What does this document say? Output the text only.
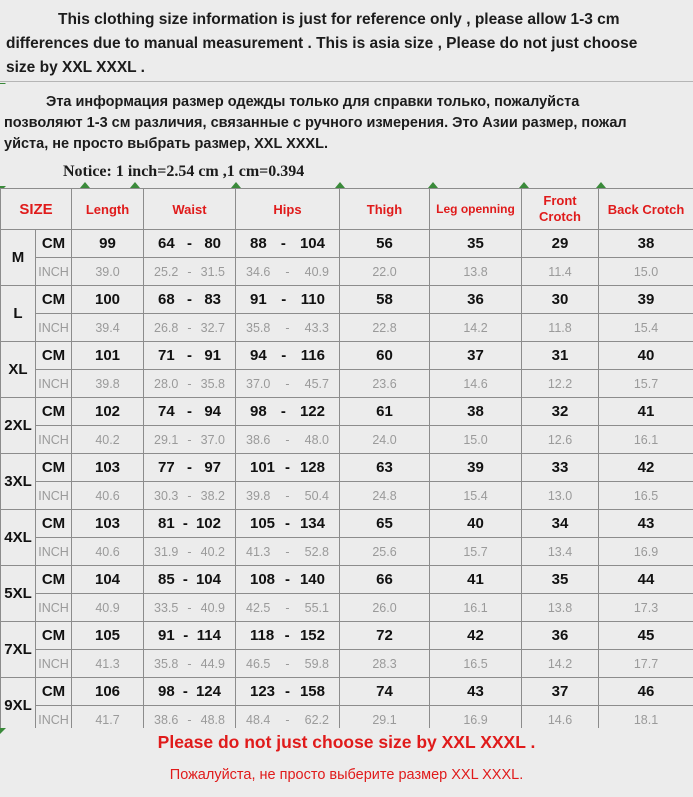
This clothing size information is just for reference only , please allow 1-3 cm
differences due to manual measurement . This is asia size , Please do not just choose
size by XXL XXXL .
Эта информация размер одежды только для справки только, пожалуйста
позволяют 1-3 см различия, связанные с ручного измерения. Это Азии размер, пожал
уйста, не просто выбрать размер, XXL XXXL.
Notice: 1 inch=2.54 cm ,1 cm=0.394
SIZE		Length	Waist	Hips	Thigh	Leg openning	Front Crotch	Back Crotch
M	CM	99	64 - 80	88 - 104	56	35	29	38
	INCH	39.0	25.2 - 31.5	34.6 - 40.9	22.0	13.8	11.4	15.0
L	CM	100	68 - 83	91 - 110	58	36	30	39
	INCH	39.4	26.8 - 32.7	35.8 - 43.3	22.8	14.2	11.8	15.4
XL	CM	101	71 - 91	94 - 116	60	37	31	40
	INCH	39.8	28.0 - 35.8	37.0 - 45.7	23.6	14.6	12.2	15.7
2XL	CM	102	74 - 94	98 - 122	61	38	32	41
	INCH	40.2	29.1 - 37.0	38.6 - 48.0	24.0	15.0	12.6	16.1
3XL	CM	103	77 - 97	101 - 128	63	39	33	42
	INCH	40.6	30.3 - 38.2	39.8 - 50.4	24.8	15.4	13.0	16.5
4XL	CM	103	81 - 102	105 - 134	65	40	34	43
	INCH	40.6	31.9 - 40.2	41.3 - 52.8	25.6	15.7	13.4	16.9
5XL	CM	104	85 - 104	108 - 140	66	41	35	44
	INCH	40.9	33.5 - 40.9	42.5 - 55.1	26.0	16.1	13.8	17.3
7XL	CM	105	91 - 114	118 - 152	72	42	36	45
	INCH	41.3	35.8 - 44.9	46.5 - 59.8	28.3	16.5	14.2	17.7
9XL	CM	106	98 - 124	123 - 158	74	43	37	46
	INCH	41.7	38.6 - 48.8	48.4 - 62.2	29.1	16.9	14.6	18.1
Please do not just choose size by XXL XXXL .
Пожалуйста, не просто выберите размер XXL XXXL.
